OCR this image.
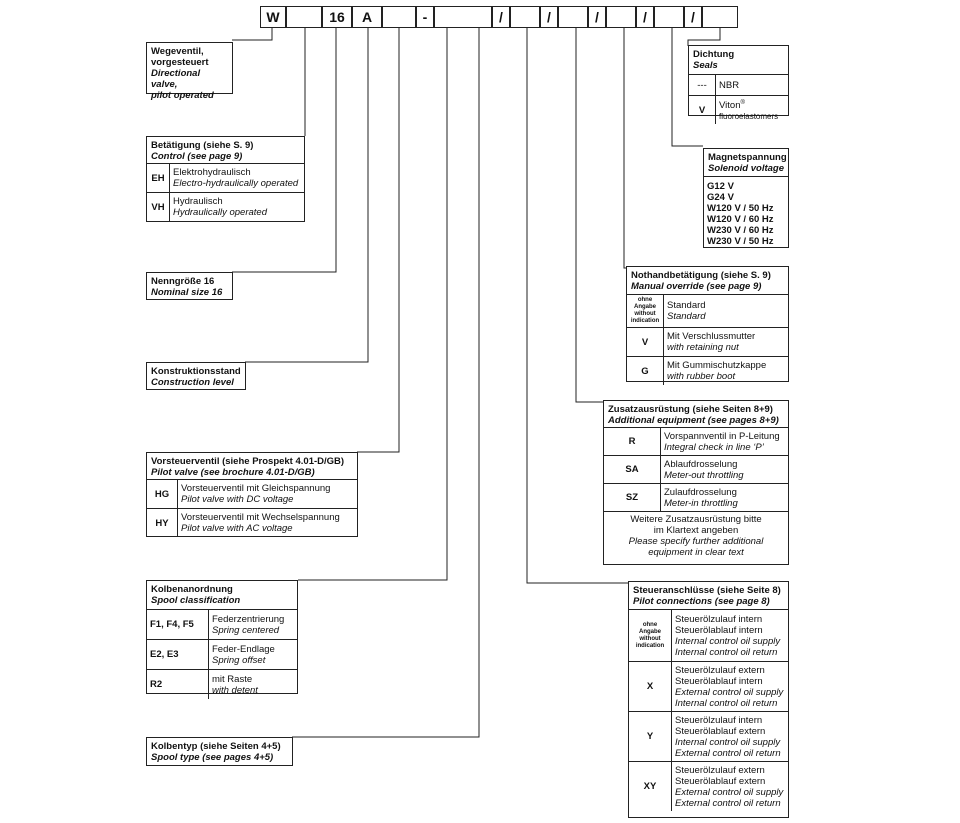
W	16	A	-	/	/	/	/	/
Dichtung
Seals
---	NBR
V	Viton®
fluoroelastomers
Magnetspannung
Solenoid voltage
G12 V
G24 V
W120 V / 50 Hz
W120 V / 60 Hz
W230 V / 60 Hz
W230 V / 50 Hz
Nothandbetätigung (siehe S. 9)
Manual override (see page 9)
ohne
Angabe
without
indication	Standard
Standard

V	Mit Verschlussmutter
with retaining nut

G	Mit Gummischutzkappe
with rubber boot
Zusatzausrüstung (siehe Seiten 8+9)
Additional equipment (see pages 8+9)
R	Vorspannventil in P-Leitung
Integral check in line ‘P’

SA	Ablaufdrosselung
Meter-out throttling

SZ	Zulaufdrosselung
Meter-in throttling

Weitere Zusatzausrüstung bitte
im Klartext angeben
Please specify further additional
equipment in clear text	
Steueranschlüsse (siehe Seite 8)
Pilot connections (see page 8)
ohne
Angabe
without
indication	Steuerölzulauf intern
Steuerölablauf intern
Internal control oil supply
Internal control oil return

X	Steuerölzulauf extern
Steuerölablauf intern
External control oil supply
Internal control oil return

Y	Steuerölzulauf intern
Steuerölablauf extern
Internal control oil supply
External control oil return

XY	Steuerölzulauf extern
Steuerölablauf extern
External control oil supply
External control oil return
Wegeventil,
vorgesteuert
Directional valve,
pilot operated
Betätigung (siehe S. 9)
Control (see page 9)
EH	Elektrohydraulisch
Electro-hydraulically operated

VH	Hydraulisch
Hydraulically operated
Nenngröße 16
Nominal size 16
Konstruktionsstand
Construction level
Vorsteuerventil (siehe Prospekt 4.01-D/GB)
Pilot valve (see brochure 4.01-D/GB)
HG	Vorsteuerventil mit Gleichspannung
Pilot valve with DC voltage

HY	Vorsteuerventil mit Wechselspannung
Pilot valve with AC voltage
Kolbenanordnung
Spool classification
F1, F4, F5	Federzentrierung
Spring centered

E2, E3	Feder-Endlage
Spring offset

R2	mit Raste
with detent
Kolbentyp (siehe Seiten 4+5)
Spool type (see pages 4+5)
